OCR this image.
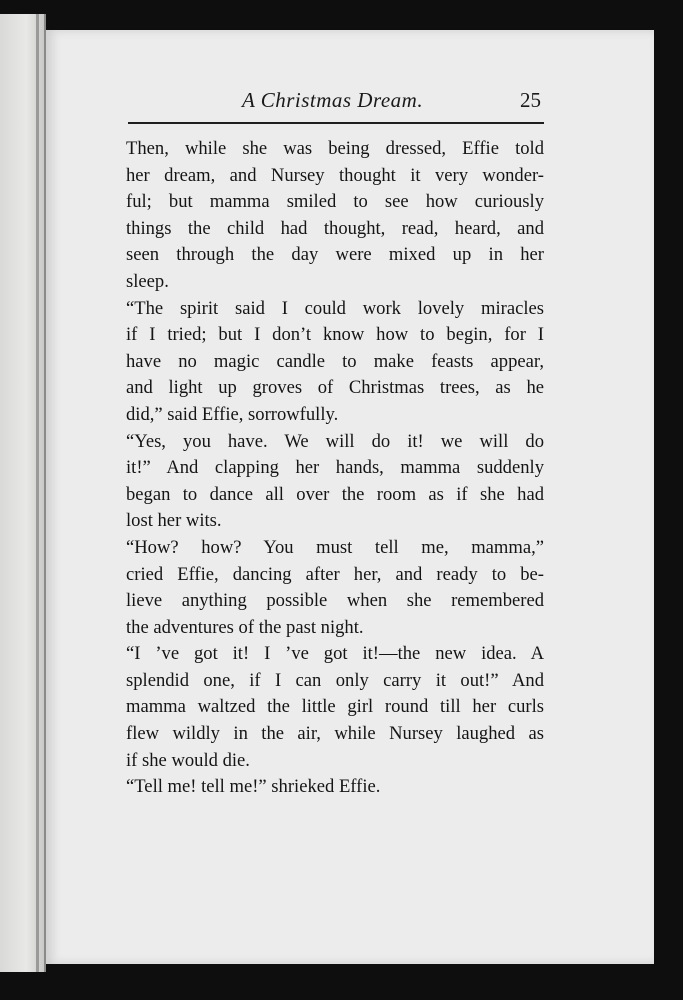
A Christmas Dream.	25
Then, while she was being dressed, Effie told
her dream, and Nursey thought it very wonder-
ful; but mamma smiled to see how curiously
things the child had thought, read, heard, and
seen through the day were mixed up in her
sleep.
“The spirit said I could work lovely miracles
if I tried; but I don’t know how to begin, for I
have no magic candle to make feasts appear,
and light up groves of Christmas trees, as he
did,” said Effie, sorrowfully.
“Yes, you have. We will do it! we will do
it!” And clapping her hands, mamma suddenly
began to dance all over the room as if she had
lost her wits.
“How? how? You must tell me, mamma,”
cried Effie, dancing after her, and ready to be-
lieve anything possible when she remembered
the adventures of the past night.
“I ’ve got it! I ’ve got it!—the new idea. A
splendid one, if I can only carry it out!” And
mamma waltzed the little girl round till her curls
flew wildly in the air, while Nursey laughed as
if she would die.
“Tell me! tell me!” shrieked Effie.
